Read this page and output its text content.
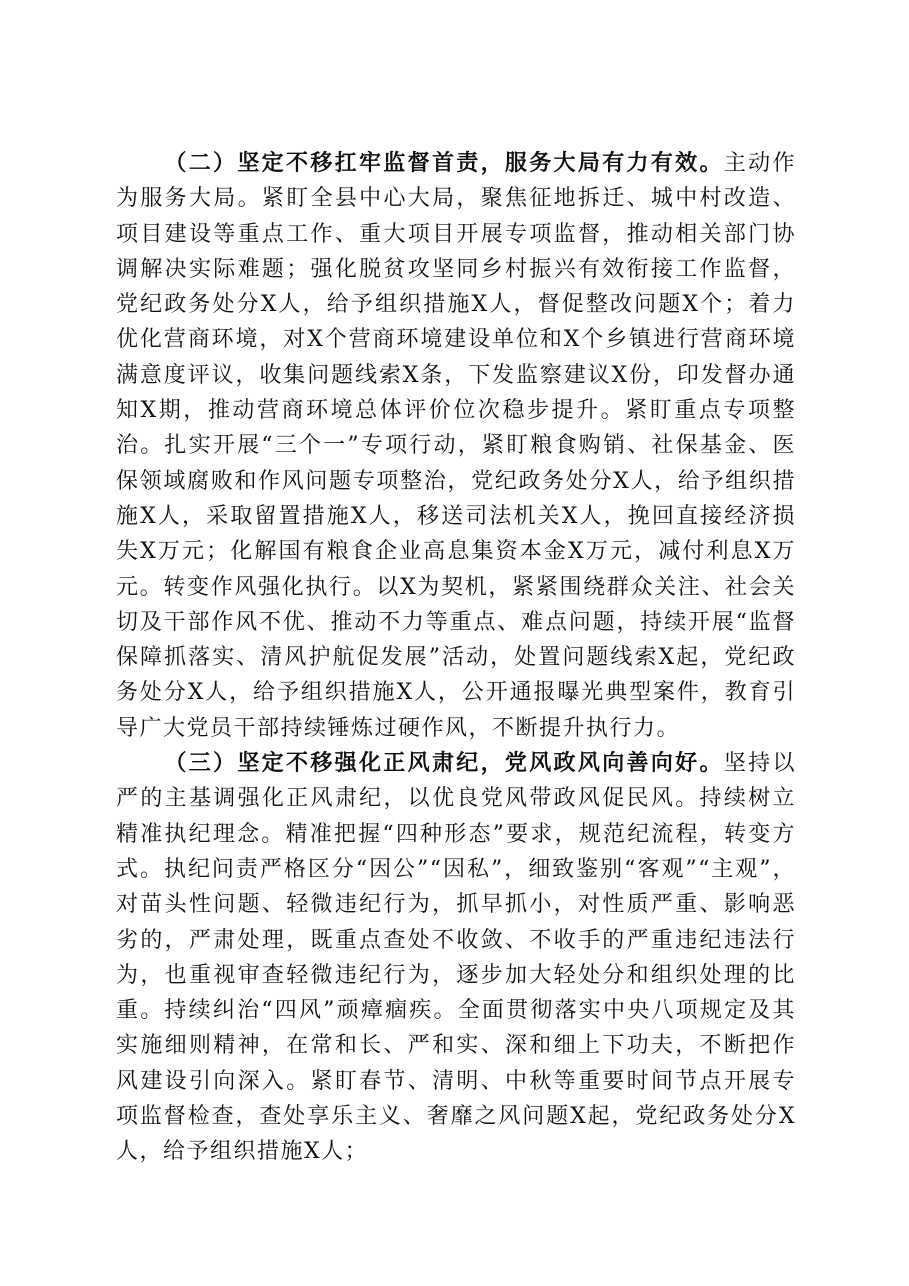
（二）坚定不移扛牢监督首责，服务大局有力有效。主动作为服务大局。紧盯全县中心大局，聚焦征地拆迁、城中村改造、项目建设等重点工作、重大项目开展专项监督，推动相关部门协调解决实际难题；强化脱贫攻坚同乡村振兴有效衔接工作监督，党纪政务处分X人，给予组织措施X人，督促整改问题X个；着力优化营商环境，对X个营商环境建设单位和X个乡镇进行营商环境满意度评议，收集问题线索X条，下发监察建议X份，印发督办通知X期，推动营商环境总体评价位次稳步提升。紧盯重点专项整治。扎实开展“三个一”专项行动，紧盯粮食购销、社保基金、医保领域腐败和作风问题专项整治，党纪政务处分X人，给予组织措施X人，采取留置措施X人，移送司法机关X人，挽回直接经济损失X万元；化解国有粮食企业高息集资本金X万元，减付利息X万元。转变作风强化执行。以X为契机，紧紧围绕群众关注、社会关切及干部作风不优、推动不力等重点、难点问题，持续开展“监督保障抓落实、清风护航促发展”活动，处置问题线索X起，党纪政务处分X人，给予组织措施X人，公开通报曝光典型案件，教育引导广大党员干部持续锤炼过硬作风，不断提升执行力。

（三）坚定不移强化正风肃纪，党风政风向善向好。坚持以严的主基调强化正风肃纪，以优良党风带政风促民风。持续树立精准执纪理念。精准把握“四种形态”要求，规范纪流程，转变方式。执纪问责严格区分“因公”“因私”，细致鉴别“客观”“主观”，对苗头性问题、轻微违纪行为，抓早抓小，对性质严重、影响恶劣的，严肃处理，既重点查处不收敛、不收手的严重违纪违法行为，也重视审查轻微违纪行为，逐步加大轻处分和组织处理的比重。持续纠治“四风”顽瘴痼疾。全面贯彻落实中央八项规定及其实施细则精神，在常和长、严和实、深和细上下功夫，不断把作风建设引向深入。紧盯春节、清明、中秋等重要时间节点开展专项监督检查，查处享乐主义、奢靡之风问题X起，党纪政务处分X人，给予组织措施X人；
